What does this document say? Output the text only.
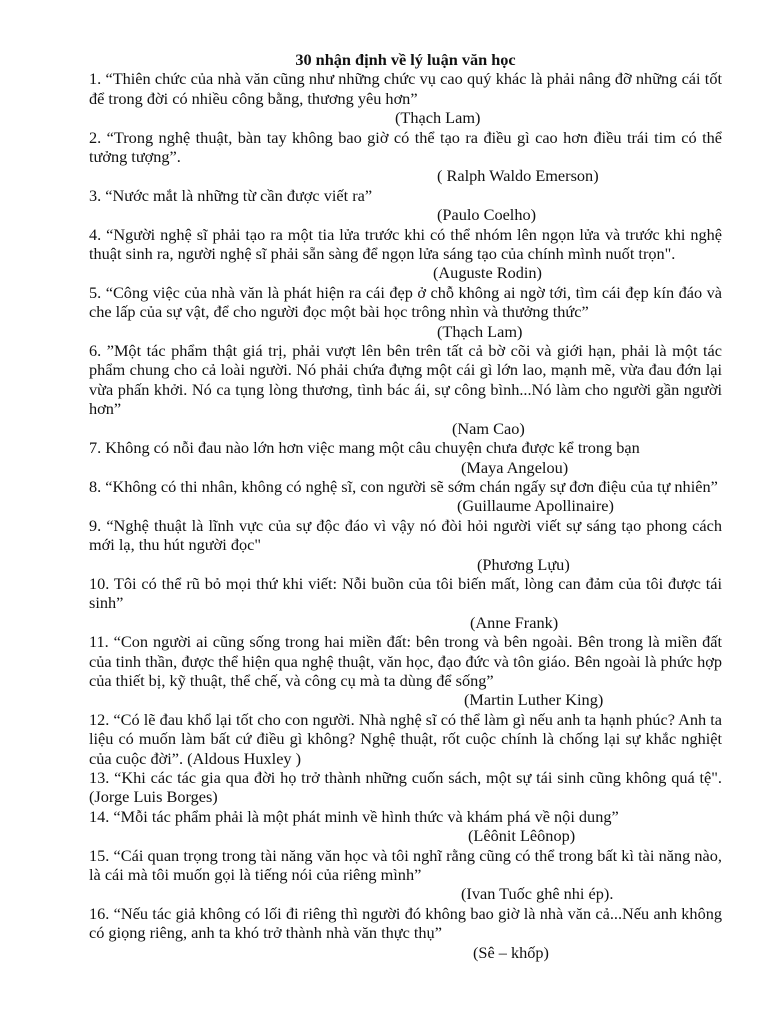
30 nhận định về lý luận văn học

1. “Thiên chức của nhà văn cũng như những chức vụ cao quý khác là phải nâng đỡ những cái tốt để trong đời có nhiều công bằng, thương yêu hơn”

(Thạch Lam)

2. “Trong nghệ thuật, bàn tay không bao giờ có thể tạo ra điều gì cao hơn điều trái tim có thể tưởng tượng”.

( Ralph Waldo Emerson)

3. “Nước mắt là những từ cần được viết ra”

(Paulo Coelho)

4. “Người nghệ sĩ phải tạo ra một tia lửa trước khi có thể nhóm lên ngọn lửa và trước khi nghệ thuật sinh ra, người nghệ sĩ phải sẵn sàng để ngọn lửa sáng tạo của chính mình nuốt trọn".

(Auguste Rodin)

5. “Công việc của nhà văn là phát hiện ra cái đẹp ở chỗ không ai ngờ tới, tìm cái đẹp kín đáo và che lấp của sự vật, để cho người đọc một bài học trông nhìn và thưởng thức”

(Thạch Lam)

6. ”Một tác phẩm thật giá trị, phải vượt lên bên trên tất cả bờ cõi và giới hạn, phải là một tác phẩm chung cho cả loài người. Nó phải chứa đựng một cái gì lớn lao, mạnh mẽ, vừa đau đớn lại vừa phấn khởi. Nó ca tụng lòng thương, tình bác ái, sự công bình...Nó làm cho người gần người hơn”

(Nam Cao)

7. Không có nỗi đau nào lớn hơn việc mang một câu chuyện chưa được kể trong bạn

(Maya Angelou)

8. “Không có thi nhân, không có nghệ sĩ, con người sẽ sớm chán ngấy sự đơn điệu của tự nhiên”

(Guillaume Apollinaire)

9. “Nghệ thuật là lĩnh vực của sự độc đáo vì vậy nó đòi hỏi người viết sự sáng tạo phong cách mới lạ, thu hút người đọc"

(Phương Lựu)

10. Tôi có thể rũ bỏ mọi thứ khi viết: Nỗi buồn của tôi biến mất, lòng can đảm của tôi được tái sinh”

(Anne Frank)

11. “Con người ai cũng sống trong hai miền đất: bên trong và bên ngoài. Bên trong là miền đất của tinh thần, được thể hiện qua nghệ thuật, văn học, đạo đức và tôn giáo. Bên ngoài là phức hợp của thiết bị, kỹ thuật, thể chế, và công cụ mà ta dùng để sống”

(Martin Luther King)

12. “Có lẽ đau khổ lại tốt cho con người. Nhà nghệ sĩ có thể làm gì nếu anh ta hạnh phúc? Anh ta liệu có muốn làm bất cứ điều gì không? Nghệ thuật, rốt cuộc chính là chống lại sự khắc nghiệt của cuộc đời”. (Aldous Huxley )

13. “Khi các tác gia qua đời họ trở thành những cuốn sách, một sự tái sinh cũng không quá tệ". (Jorge Luis Borges)

14. “Mỗi tác phẩm phải là một phát minh về hình thức và khám phá về nội dung”

(Lêônit Lêônop)

15. “Cái quan trọng trong tài năng văn học và tôi nghĩ rằng cũng có thể trong bất kì tài năng nào, là cái mà tôi muốn gọi là tiếng nói của riêng mình”

(Ivan Tuốc ghê nhi ép).

16. “Nếu tác giả không có lối đi riêng thì người đó không bao giờ là nhà văn cả...Nếu anh không có giọng riêng, anh ta khó trở thành nhà văn thực thụ”

(Sê – khốp)
